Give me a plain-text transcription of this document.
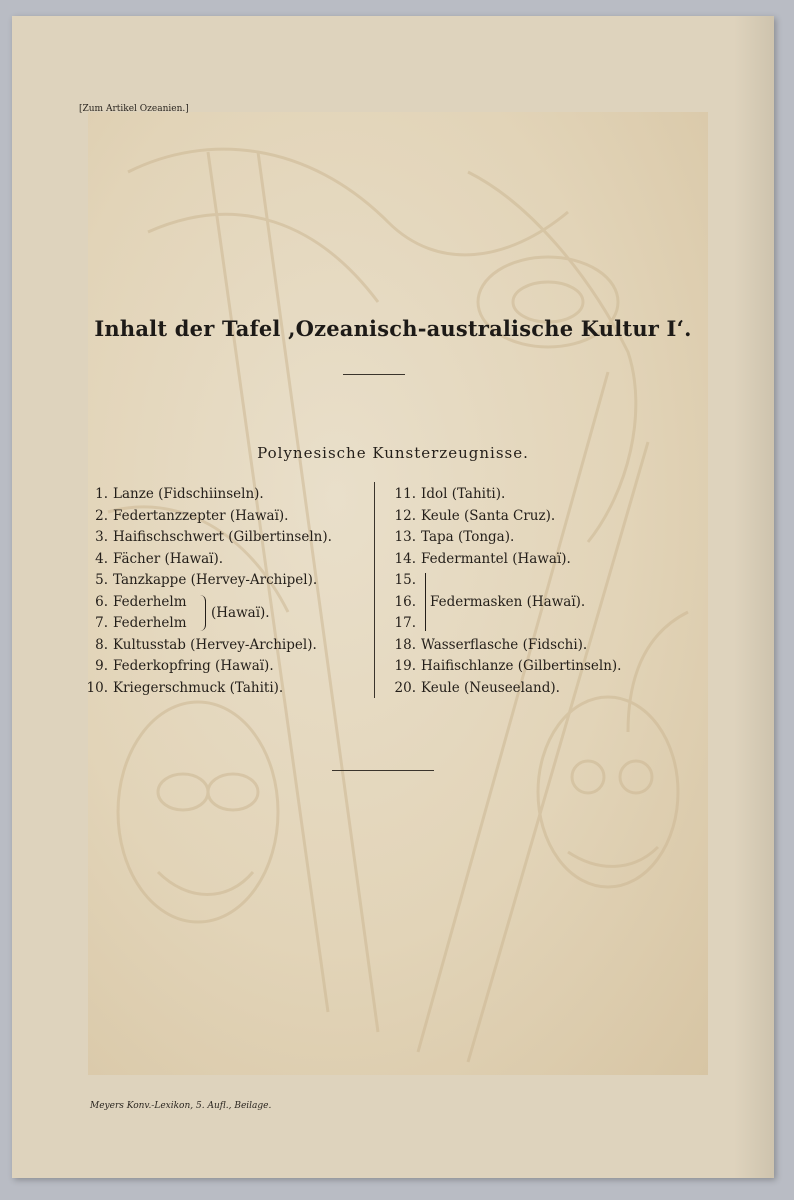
[Zum Artikel Ozeanien.]
Inhalt der Tafel ,Ozeanisch-australische Kultur I‘.
Polynesische Kunsterzeugnisse.
1. Lanze (Fidschiinseln).
2. Federtanzzepter (Hawaï).
3. Haifischschwert (Gilbertinseln).
4. Fächer (Hawaï).
5. Tanzkappe (Hervey-Archipel).
6. Federhelm
7. Federhelm
(Hawaï).
8. Kultusstab (Hervey-Archipel).
9. Federkopfring (Hawaï).
10. Kriegerschmuck (Tahiti).
11. Idol (Tahiti).
12. Keule (Santa Cruz).
13. Tapa (Tonga).
14. Federmantel (Hawaï).
15.
16.
17.
Federmasken (Hawaï).
18. Wasserflasche (Fidschi).
19. Haifischlanze (Gilbertinseln).
20. Keule (Neuseeland).
Meyers Konv.-Lexikon, 5. Aufl., Beilage.
